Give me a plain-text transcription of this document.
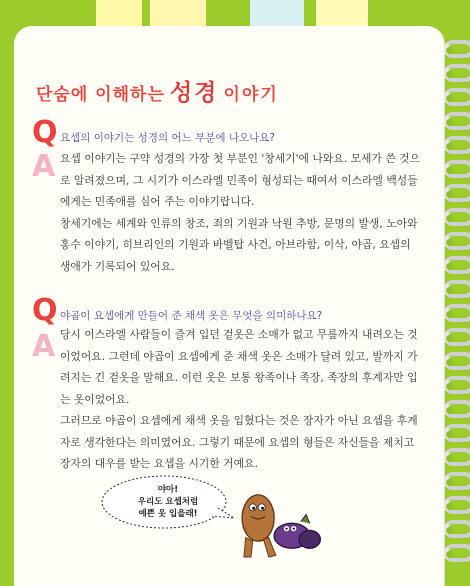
단숨에 이해하는 성경 이야기
Q 요셉의 이야기는 성경의 어느 부분에 나오나요?
A 요셉 이야기는 구약 성경의 가장 첫 부분인 '창세기'에 나와요. 모세가 쓴 것으로 알려졌으며, 그 시기가 이스라엘 민족이 형성되는 때여서 이스라엘 백성들에게는 민족애를 심어 주는 이야기랍니다.

창세기에는 세계와 인류의 창조, 죄의 기원과 낙원 추방, 문명의 발생, 노아와 홍수 이야기, 히브리인의 기원과 바벨탑 사건, 아브라함, 이삭, 야곱, 요셉의 생애가 기록되어 있어요.

Q 야곱이 요셉에게 만들어 준 채색 옷은 무엇을 의미하나요?
A 당시 이스라엘 사람들이 즐겨 입던 겉옷은 소매가 없고 무릎까지 내려오는 것이었어요. 그런데 야곱이 요셉에게 준 채색 옷은 소매가 달려 있고, 발까지 가려지는 긴 겉옷을 말해요. 이런 옷은 보통 왕족이나 족장, 족장의 후계자만 입는 옷이었어요.

그러므로 야곱이 요셉에게 채색 옷을 입혔다는 것은 장자가 아닌 요셉을 후계자로 생각한다는 의미였어요. 그렇기 때문에 요셉의 형들은 자신들을 제치고 장자의 대우를 받는 요셉을 시기한 거예요.

야아!
우리도 요셉처럼
예쁜 옷 입을래!
